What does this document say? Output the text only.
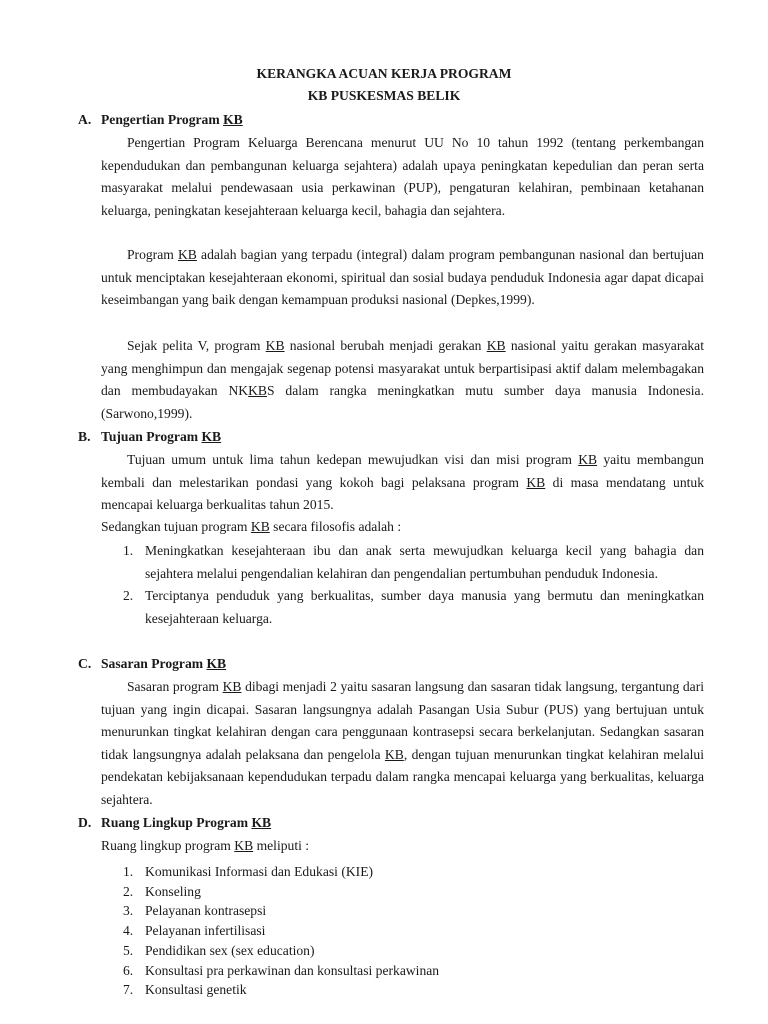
KERANGKA ACUAN KERJA PROGRAM
KB PUSKESMAS BELIK
A. Pengertian Program KB

Pengertian Program Keluarga Berencana menurut UU No 10 tahun 1992 (tentang perkembangan kependudukan dan pembangunan keluarga sejahtera) adalah upaya peningkatan kepedulian dan peran serta masyarakat melalui pendewasaan usia perkawinan (PUP), pengaturan kelahiran, pembinaan ketahanan keluarga, peningkatan kesejahteraan keluarga kecil, bahagia dan sejahtera.

Program KB adalah bagian yang terpadu (integral) dalam program pembangunan nasional dan bertujuan untuk menciptakan kesejahteraan ekonomi, spiritual dan sosial budaya penduduk Indonesia agar dapat dicapai keseimbangan yang baik dengan kemampuan produksi nasional (Depkes,1999).

Sejak pelita V, program KB nasional berubah menjadi gerakan KB nasional yaitu gerakan masyarakat yang menghimpun dan mengajak segenap potensi masyarakat untuk berpartisipasi aktif dalam melembagakan dan membudayakan NKKBS dalam rangka meningkatkan mutu sumber daya manusia Indonesia. (Sarwono,1999).

B. Tujuan Program KB

Tujuan umum untuk lima tahun kedepan mewujudkan visi dan misi program KB yaitu membangun kembali dan melestarikan pondasi yang kokoh bagi pelaksana program KB di masa mendatang untuk mencapai keluarga berkualitas tahun 2015.

Sedangkan tujuan program KB secara filosofis adalah :

1. Meningkatkan kesejahteraan ibu dan anak serta mewujudkan keluarga kecil yang bahagia dan sejahtera melalui pengendalian kelahiran dan pengendalian pertumbuhan penduduk Indonesia.
2. Terciptanya penduduk yang berkualitas, sumber daya manusia yang bermutu dan meningkatkan kesejahteraan keluarga.
C. Sasaran Program KB

Sasaran program KB dibagi menjadi 2 yaitu sasaran langsung dan sasaran tidak langsung, tergantung dari tujuan yang ingin dicapai. Sasaran langsungnya adalah Pasangan Usia Subur (PUS) yang bertujuan untuk menurunkan tingkat kelahiran dengan cara penggunaan kontrasepsi secara berkelanjutan. Sedangkan sasaran tidak langsungnya adalah pelaksana dan pengelola KB, dengan tujuan menurunkan tingkat kelahiran melalui pendekatan kebijaksanaan kependudukan terpadu dalam rangka mencapai keluarga yang berkualitas, keluarga sejahtera.

D. Ruang Lingkup Program KB

Ruang lingkup program KB meliputi :

1. Komunikasi Informasi dan Edukasi (KIE)
2. Konseling
3. Pelayanan kontrasepsi
4. Pelayanan infertilisasi
5. Pendidikan sex (sex education)
6. Konsultasi pra perkawinan dan konsultasi perkawinan
7. Konsultasi genetik
